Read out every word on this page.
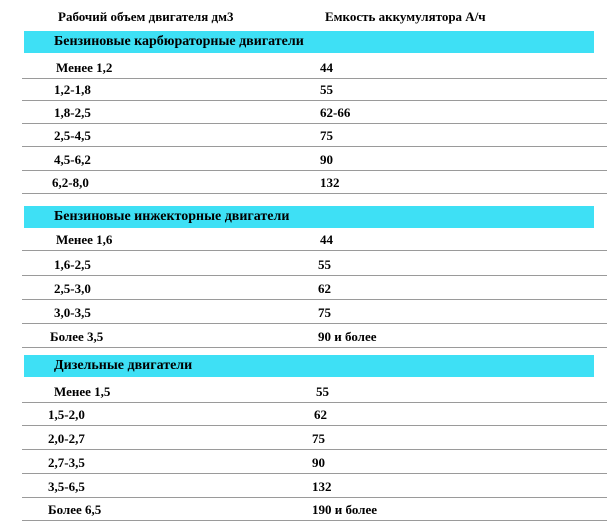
Рабочий объем двигателя дм3	Емкость аккумулятора А/ч
Бензиновые карбюраторные двигатели
Менее 1,2	44
1,2-1,8	55
1,8-2,5	62-66
2,5-4,5	75
4,5-6,2	90
6,2-8,0	132
Бензиновые инжекторные двигатели
Менее 1,6	44
1,6-2,5	55
2,5-3,0	62
3,0-3,5	75
Более 3,5	90 и более
Дизельные двигатели
Менее 1,5	55
1,5-2,0	62
2,0-2,7	75
2,7-3,5	90
3,5-6,5	132
Более 6,5	190 и более
